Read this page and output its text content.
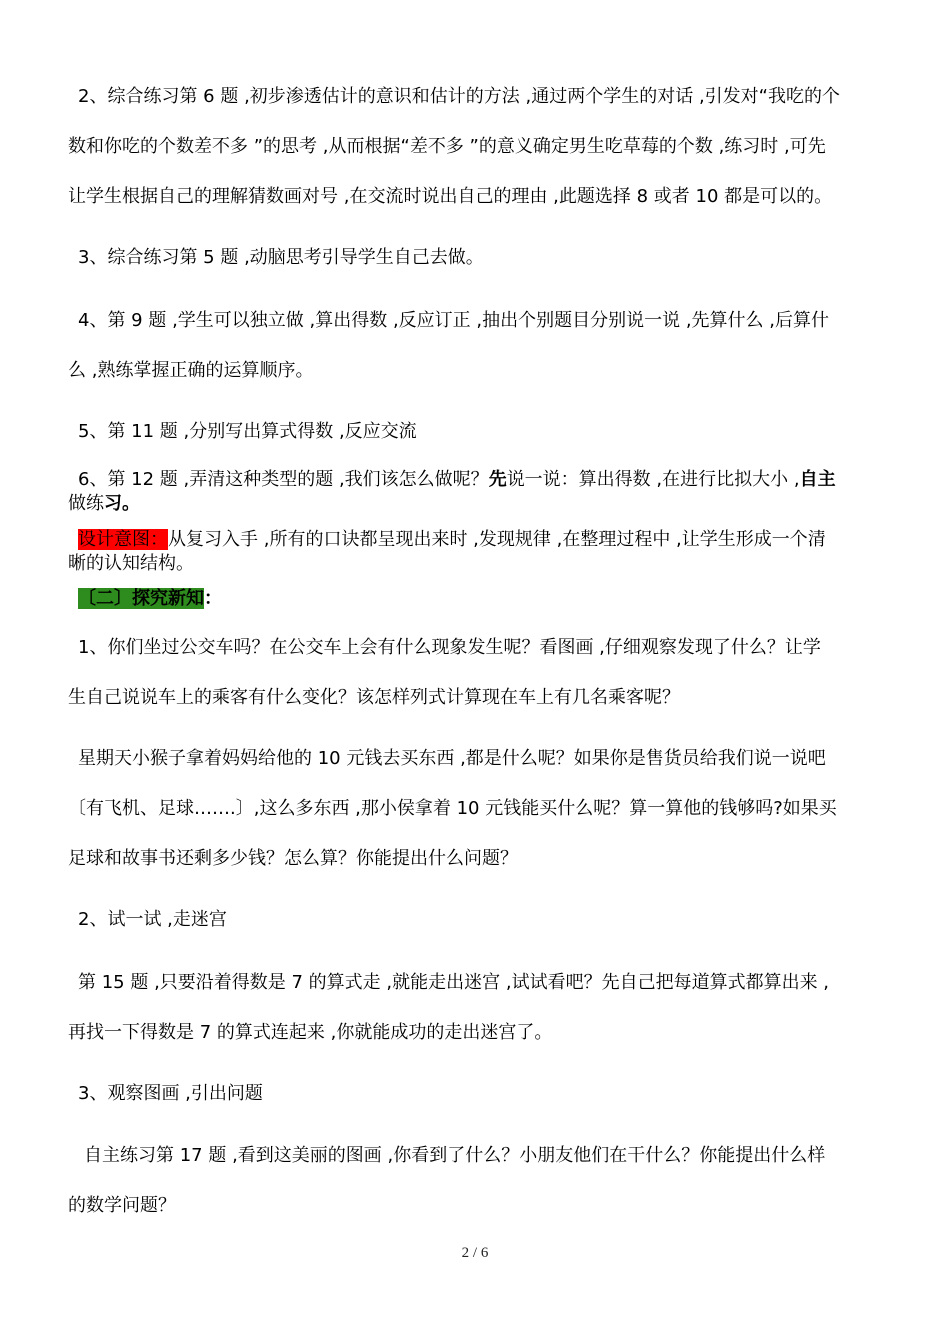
2、综合练习第 6 题 ,初步渗透估计的意识和估计的方法 ,通过两个学生的对话 ,引发对“我吃的个
数和你吃的个数差不多 ”的思考 ,从而根据“差不多 ”的意义确定男生吃草莓的个数 ,练习时 ,可先
让学生根据自己的理解猜数画对号 ,在交流时说出自己的理由 ,此题选择 8 或者 10 都是可以的。
3、综合练习第 5 题 ,动脑思考引导学生自己去做。
4、第 9 题 ,学生可以独立做 ,算出得数 ,反应订正 ,抽出个别题目分别说一说 ,先算什么 ,后算什
么 ,熟练掌握正确的运算顺序。
5、第 11 题 ,分别写出算式得数 ,反应交流
6、第 12 题 ,弄清这种类型的题 ,我们该怎么做呢？先说一说：算出得数 ,在进行比拟大小 ,自主
做练习。
设计意图：从复习入手 ,所有的口诀都呈现出来时 ,发现规律 ,在整理过程中 ,让学生形成一个清
晰的认知结构。
〔二〕探究新知：
1、你们坐过公交车吗？在公交车上会有什么现象发生呢？看图画 ,仔细观察发现了什么？让学
生自己说说车上的乘客有什么变化？该怎样列式计算现在车上有几名乘客呢？
星期天小猴子拿着妈妈给他的 10 元钱去买东西 ,都是什么呢？如果你是售货员给我们说一说吧
〔有飞机、足球…….〕,这么多东西 ,那小侯拿着 10 元钱能买什么呢？算一算他的钱够吗?如果买
足球和故事书还剩多少钱？怎么算？你能提出什么问题？
2、试一试 ,走迷宫
第 15 题 ,只要沿着得数是 7 的算式走 ,就能走出迷宫 ,试试看吧？先自己把每道算式都算出来 ,
再找一下得数是 7 的算式连起来 ,你就能成功的走出迷宫了。
3、观察图画 ,引出问题
自主练习第 17 题 ,看到这美丽的图画 ,你看到了什么？小朋友他们在干什么？你能提出什么样
的数学问题？
2 / 6
